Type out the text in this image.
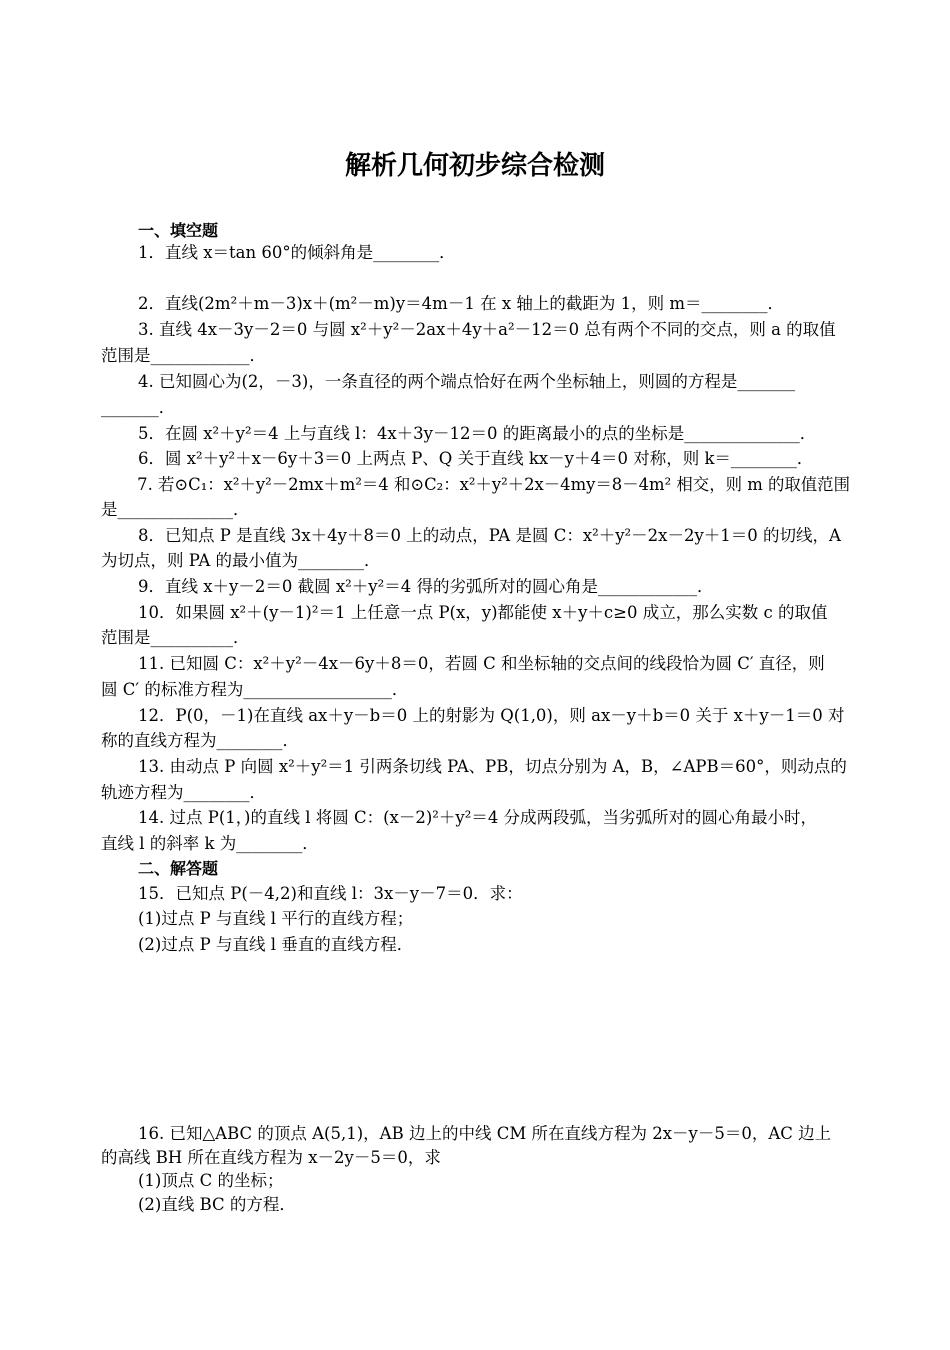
解析几何初步综合检测
一、填空题
1．直线 x＝tan 60°的倾斜角是________．
2．直线(2m²＋m－3)x＋(m²－m)y＝4m－1 在 x 轴上的截距为 1，则 m＝________．
3. 直线 4x－3y－2＝0 与圆 x²＋y²－2ax＋4y＋a²－12＝0 总有两个不同的交点，则 a 的取值
范围是____________．
4. 已知圆心为(2，－3)，一条直径的两个端点恰好在两个坐标轴上，则圆的方程是_______
_______．
5．在圆 x²＋y²＝4 上与直线 l：4x＋3y－12＝0 的距离最小的点的坐标是______________．
6．圆 x²＋y²＋x－6y＋3＝0 上两点 P、Q 关于直线 kx－y＋4＝0 对称，则 k＝________．
7. 若⊙C₁：x²＋y²－2mx＋m²＝4 和⊙C₂：x²＋y²＋2x－4my＝8－4m² 相交，则 m 的取值范围
是______________．
8．已知点 P 是直线 3x＋4y＋8＝0 上的动点，PA 是圆 C：x²＋y²－2x－2y＋1＝0 的切线，A
为切点，则 PA 的最小值为________．
9．直线 x＋y－2＝0 截圆 x²＋y²＝4 得的劣弧所对的圆心角是____________．
10．如果圆 x²＋(y－1)²＝1 上任意一点 P(x，y)都能使 x＋y＋c≥0 成立，那么实数 c 的取值
范围是__________．
11. 已知圆 C：x²＋y²－4x－6y＋8＝0，若圆 C 和坐标轴的交点间的线段恰为圆 C′ 直径，则
圆 C′ 的标准方程为__________________．
12．P(0，－1)在直线 ax＋y－b＝0 上的射影为 Q(1,0)，则 ax－y＋b＝0 关于 x＋y－1＝0 对
称的直线方程为________．
13. 由动点 P 向圆 x²＋y²＝1 引两条切线 PA、PB，切点分别为 A，B，∠APB＝60°，则动点的
轨迹方程为________．
14. 过点 P(1，)的直线 l 将圆 C：(x－2)²＋y²＝4 分成两段弧，当劣弧所对的圆心角最小时，
直线 l 的斜率 k 为________．
二、解答题
15．已知点 P(－4,2)和直线 l：3x－y－7＝0．求：
(1)过点 P 与直线 l 平行的直线方程；
(2)过点 P 与直线 l 垂直的直线方程．
16. 已知△ABC 的顶点 A(5,1)，AB 边上的中线 CM 所在直线方程为 2x－y－5＝0，AC 边上
的高线 BH 所在直线方程为 x－2y－5＝0，求
(1)顶点 C 的坐标；
(2)直线 BC 的方程．
